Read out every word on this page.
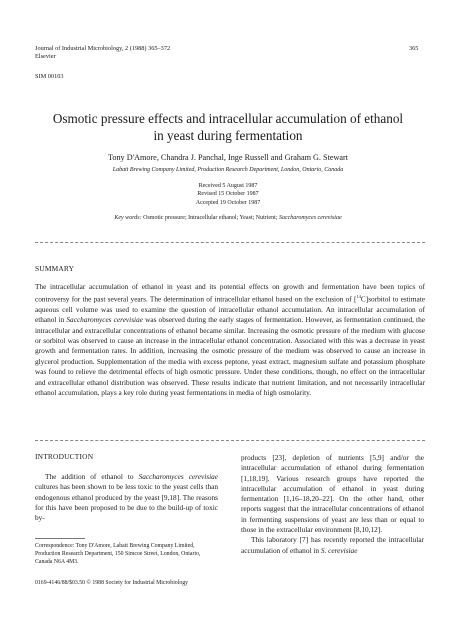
Journal of Industrial Microbiology, 2 (1988) 365–372
Elsevier
365
SIM 00103
Osmotic pressure effects and intracellular accumulation of ethanol
in yeast during fermentation
Tony D'Amore, Chandra J. Panchal, Inge Russell and Graham G. Stewart
Labatt Brewing Company Limited, Production Research Department, London, Ontario, Canada
Received 5 August 1987
Revised 15 October 1987
Accepted 19 October 1987
Key words: Osmotic pressure; Intracellular ethanol; Yeast; Nutrient; Saccharomyces cerevisiae
SUMMARY
The intracellular accumulation of ethanol in yeast and its potential effects on growth and fermentation have been topics of controversy for the past several years. The determination of intracellular ethanol based on the exclusion of [$^{14}$C]sorbitol to estimate aqueous cell volume was used to examine the question of intracellular ethanol accumulation. An intracellular accumulation of ethanol in Saccharomyces cerevisiae was observed during the early stages of fermentation. However, as fermentation continued, the intracellular and extracellular concentrations of ethanol became similar. Increasing the osmotic pressure of the medium with glucose or sorbitol was observed to cause an increase in the intracellular ethanol concentration. Associated with this was a decrease in yeast growth and fermentation rates. In addition, increasing the osmotic pressure of the medium was observed to cause an increase in glycerol production. Supplementation of the media with excess peptone, yeast extract, magnesium sulfate and potassium phosphate was found to relieve the detrimental effects of high osmotic pressure. Under these conditions, though, no effect on the intracellular and extracellular ethanol distribution was observed. These results indicate that nutrient limitation, and not necessarily intracellular ethanol accumulation, plays a key role during yeast fermentations in media of high osmolarity.
INTRODUCTION

The addition of ethanol to Saccharomyces cerevisiae cultures has been shown to be less toxic to the yeast cells than endogenous ethanol produced by the yeast [9,18]. The reasons for this have been proposed to be due to the build-up of toxic by-

Correspondence: Tony D'Amore, Labatt Brewing Company Limited, Production Research Department, 150 Simcoe Street, London, Ontario, Canada N6A 4M3.

products [23], depletion of nutrients [5,9] and/or the intracellular accumulation of ethanol during fermentation [1,18,19]. Various research groups have reported the intracellular accumulation of ethanol in yeast during fermentation [1,16–18,20–22]. On the other hand, other reports suggest that the intracellular concentrations of ethanol in fermenting suspensions of yeast are less than or equal to those in the extracellular environment [8,10,12].

This laboratory [7] has recently reported the intracellular accumulation of ethanol in S. cerevisiae

0169-4146/88/$03.50 © 1988 Society for Industrial Microbiology
